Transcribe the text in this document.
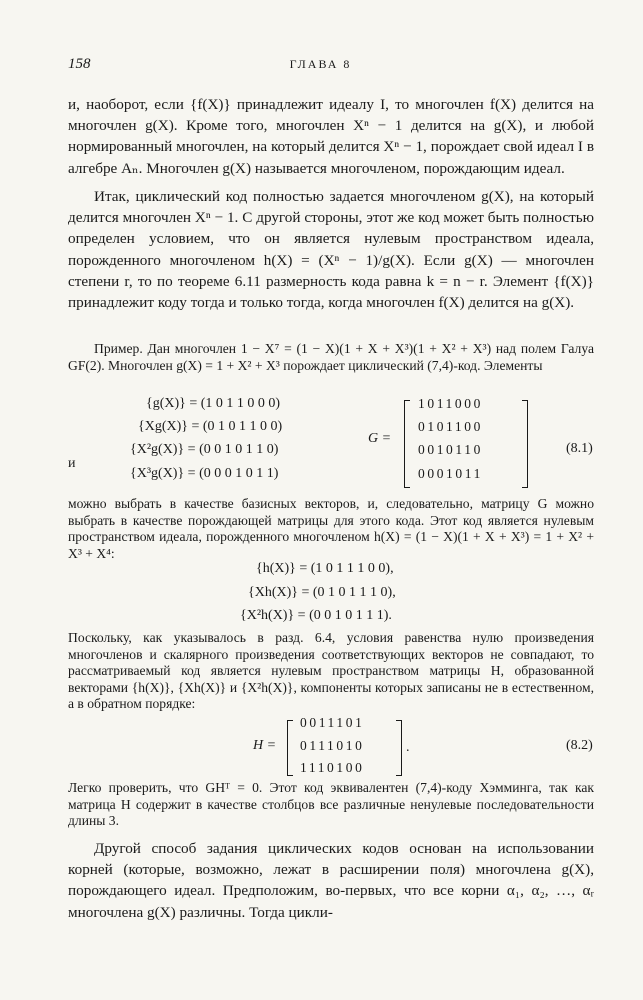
158	ГЛАВА 8

и, наоборот, если {f(X)} принадлежит идеалу I, то многочлен f(X) делится на многочлен g(X). Кроме того, многочлен Xⁿ − 1 делится на g(X), и любой нормированный многочлен, на который делится Xⁿ − 1, порождает свой идеал I в алгебре Aₙ. Многочлен g(X) называется многочленом, порождающим идеал.

Итак, циклический код полностью задается многочленом g(X), на который делится многочлен Xⁿ − 1. С другой стороны, этот же код может быть полностью определен условием, что он является нулевым пространством идеала, порожденного многочленом h(X) = (Xⁿ − 1)/g(X). Если g(X) — многочлен степени r, то по теореме 6.11 размерность кода равна k = n − r. Элемент {f(X)} принадлежит коду тогда и только тогда, когда многочлен f(X) делится на g(X).

Пример. Дан многочлен 1 − X⁷ = (1 − X)(1 + X + X³)(1 + X² + X³) над полем Галуа GF(2). Многочлен g(X) = 1 + X² + X³ порождает циклический (7,4)-код. Элементы

{g(X)} = (1 0 1 1 0 0 0)
{Xg(X)} = (0 1 0 1 1 0 0)
{X²g(X)} = (0 0 1 0 1 1 0)
и
{X³g(X)} = (0 0 0 1 0 1 1)
G =
1011000
0101100
0010110
0001011
(8.1)

можно выбрать в качестве базисных векторов, и, следовательно, матрицу G можно выбрать в качестве порождающей матрицы для этого кода. Этот код является нулевым пространством идеала, порожденного многочленом h(X) = (1 − X)(1 + X + X³) = 1 + X² + X³ + X⁴:

{h(X)} = (1 0 1 1 1 0 0),
{Xh(X)} = (0 1 0 1 1 1 0),
{X²h(X)} = (0 0 1 0 1 1 1).

Поскольку, как указывалось в разд. 6.4, условия равенства нулю произведения многочленов и скалярного произведения соответствующих векторов не совпадают, то рассматриваемый код является нулевым пространством матрицы H, образованной векторами {h(X)}, {Xh(X)} и {X²h(X)}, компоненты которых записаны не в естественном, а в обратном порядке:

H =
0011101
0111010
1110100
.	(8.2)

Легко проверить, что GHᵀ = 0. Этот код эквивалентен (7,4)-коду Хэмминга, так как матрица H содержит в качестве столбцов все различные ненулевые последовательности длины 3.

Другой способ задания циклических кодов основан на использовании корней (которые, возможно, лежат в расширении поля) многочлена g(X), порождающего идеал. Предположим, во-первых, что все корни α₁, α₂, …, αᵣ многочлена g(X) различны. Тогда цикли-
